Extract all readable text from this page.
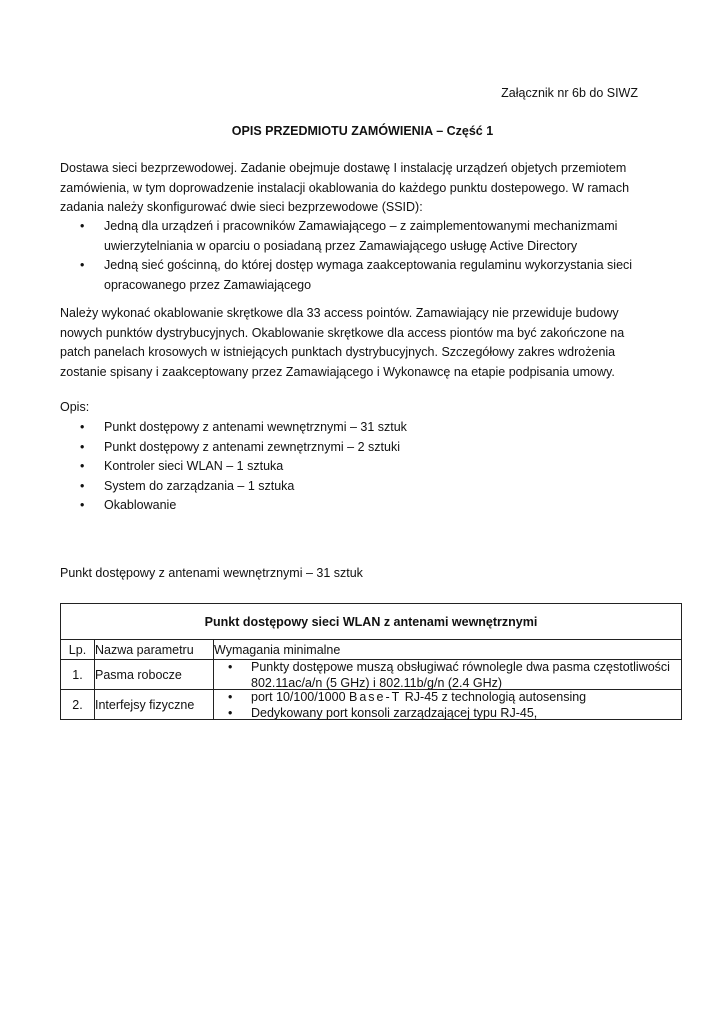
Załącznik nr 6b do SIWZ
OPIS PRZEDMIOTU ZAMÓWIENIA – Część 1
Dostawa sieci bezprzewodowej. Zadanie obejmuje dostawę I instalację urządzeń objetych przemiotem zamówienia, w tym doprowadzenie instalacji okablowania do każdego punktu dostepowego. W ramach zadania należy skonfigurować dwie sieci bezprzewodowe (SSID):
• Jedną dla urządzeń i pracowników Zamawiającego – z zaimplementowanymi mechanizmami uwierzytelniania w oparciu o posiadaną przez Zamawiającego usługę Active Directory
• Jedną sieć gościnną, do której dostęp wymaga zaakceptowania regulaminu wykorzystania sieci opracowanego przez Zamawiającego
Należy wykonać okablowanie skrętkowe dla 33 access pointów. Zamawiający nie przewiduje budowy nowych punktów dystrybucyjnych. Okablowanie skrętkowe dla access piontów ma być zakończone na patch panelach krosowych w istniejących punktach dystrybucyjnych. Szczegółowy zakres wdrożenia zostanie spisany i zaakceptowany przez Zamawiającego i Wykonawcę na etapie podpisania umowy.
Opis:
• Punkt dostępowy z antenami wewnętrznymi – 31 sztuk
• Punkt dostępowy z antenami zewnętrznymi – 2 sztuki
• Kontroler sieci WLAN – 1 sztuka
• System do zarządzania – 1 sztuka
• Okablowanie
Punkt dostępowy z antenami wewnętrznymi – 31 sztuk
Punkt dostępowy sieci WLAN z antenami wewnętrznymi		
Lp.	Nazwa parametru	Wymagania minimalne
1.	Pasma robocze	• Punkty dostępowe muszą obsługiwać równolegle dwa pasma częstotliwości 802.11ac/a/n (5 GHz) i 802.11b/g/n (2.4 GHz)

2.	Interfejsy fizyczne	• port 10/100/1000 Base-T RJ-45 z technologią autosensing
• Dedykowany port konsoli zarządzającej typu RJ-45,
